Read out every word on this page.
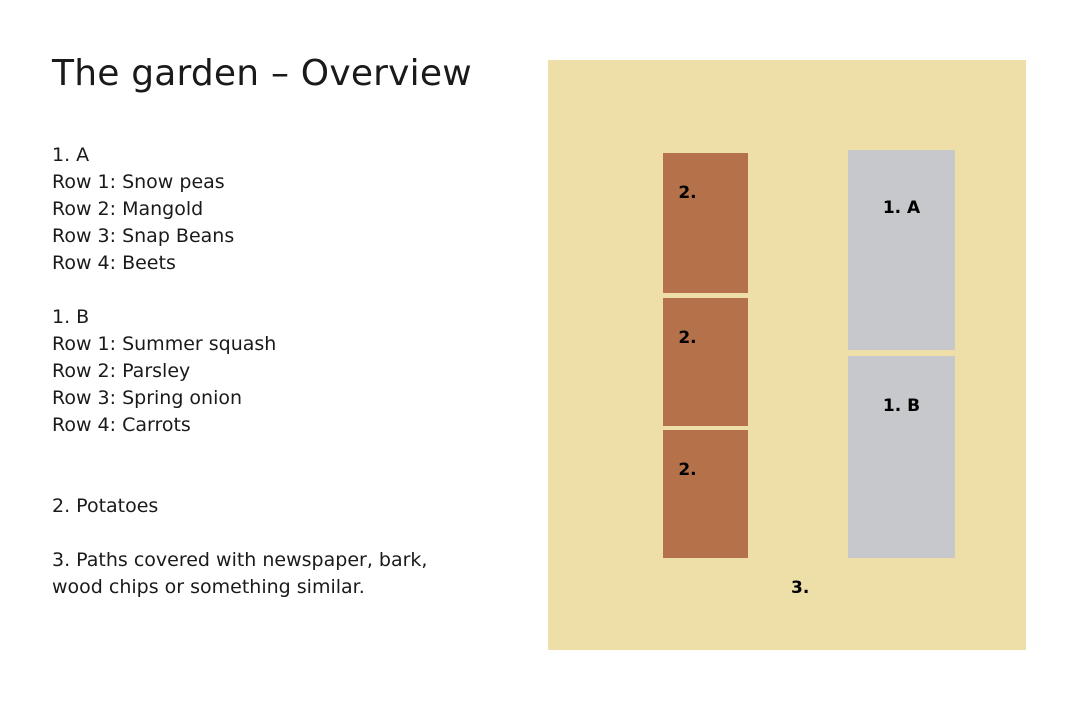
The garden – Overview
1. A
Row 1: Snow peas
Row 2: Mangold
Row 3: Snap Beans
Row 4: Beets
1. B
Row 1: Summer squash
Row 2: Parsley
Row 3: Spring onion
Row 4: Carrots
2. Potatoes
3. Paths covered with newspaper, bark,
wood chips or something similar.
2.
2.
2.
1. A
1. B
3.
